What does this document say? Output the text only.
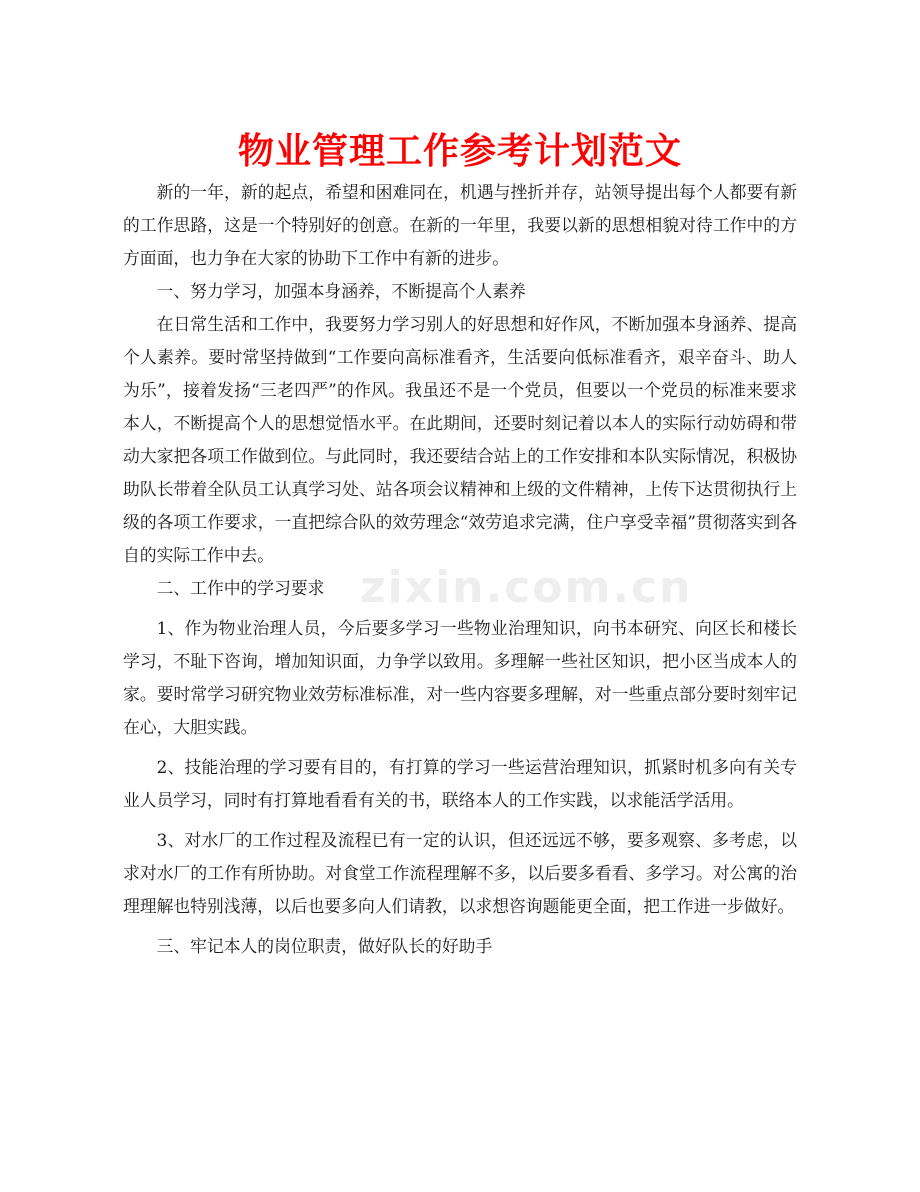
物业管理工作参考计划范文
zixin.com.cn

新的一年，新的起点，希望和困难同在，机遇与挫折并存，站领导提出每个人都要有新的工作思路，这是一个特别好的创意。在新的一年里，我要以新的思想相貌对待工作中的方方面面，也力争在大家的协助下工作中有新的进步。

一、努力学习，加强本身涵养，不断提高个人素养

在日常生活和工作中，我要努力学习别人的好思想和好作风，不断加强本身涵养、提高个人素养。要时常坚持做到“工作要向高标准看齐，生活要向低标准看齐，艰辛奋斗、助人为乐”，接着发扬“三老四严”的作风。我虽还不是一个党员，但要以一个党员的标准来要求本人，不断提高个人的思想觉悟水平。在此期间，还要时刻记着以本人的实际行动妨碍和带动大家把各项工作做到位。与此同时，我还要结合站上的工作安排和本队实际情况，积极协助队长带着全队员工认真学习处、站各项会议精神和上级的文件精神，上传下达贯彻执行上级的各项工作要求，一直把综合队的效劳理念“效劳追求完满，住户享受幸福”贯彻落实到各自的实际工作中去。

二、工作中的学习要求

1、作为物业治理人员，今后要多学习一些物业治理知识，向书本研究、向区长和楼长学习，不耻下咨询，增加知识面，力争学以致用。多理解一些社区知识，把小区当成本人的家。要时常学习研究物业效劳标准标准，对一些内容要多理解，对一些重点部分要时刻牢记在心，大胆实践。

2、技能治理的学习要有目的，有打算的学习一些运营治理知识，抓紧时机多向有关专业人员学习，同时有打算地看看有关的书，联络本人的工作实践，以求能活学活用。

3、对水厂的工作过程及流程已有一定的认识，但还远远不够，要多观察、多考虑，以求对水厂的工作有所协助。对食堂工作流程理解不多，以后要多看看、多学习。对公寓的治理理解也特别浅薄，以后也要多向人们请教，以求想咨询题能更全面，把工作进一步做好。

三、牢记本人的岗位职责，做好队长的好助手
